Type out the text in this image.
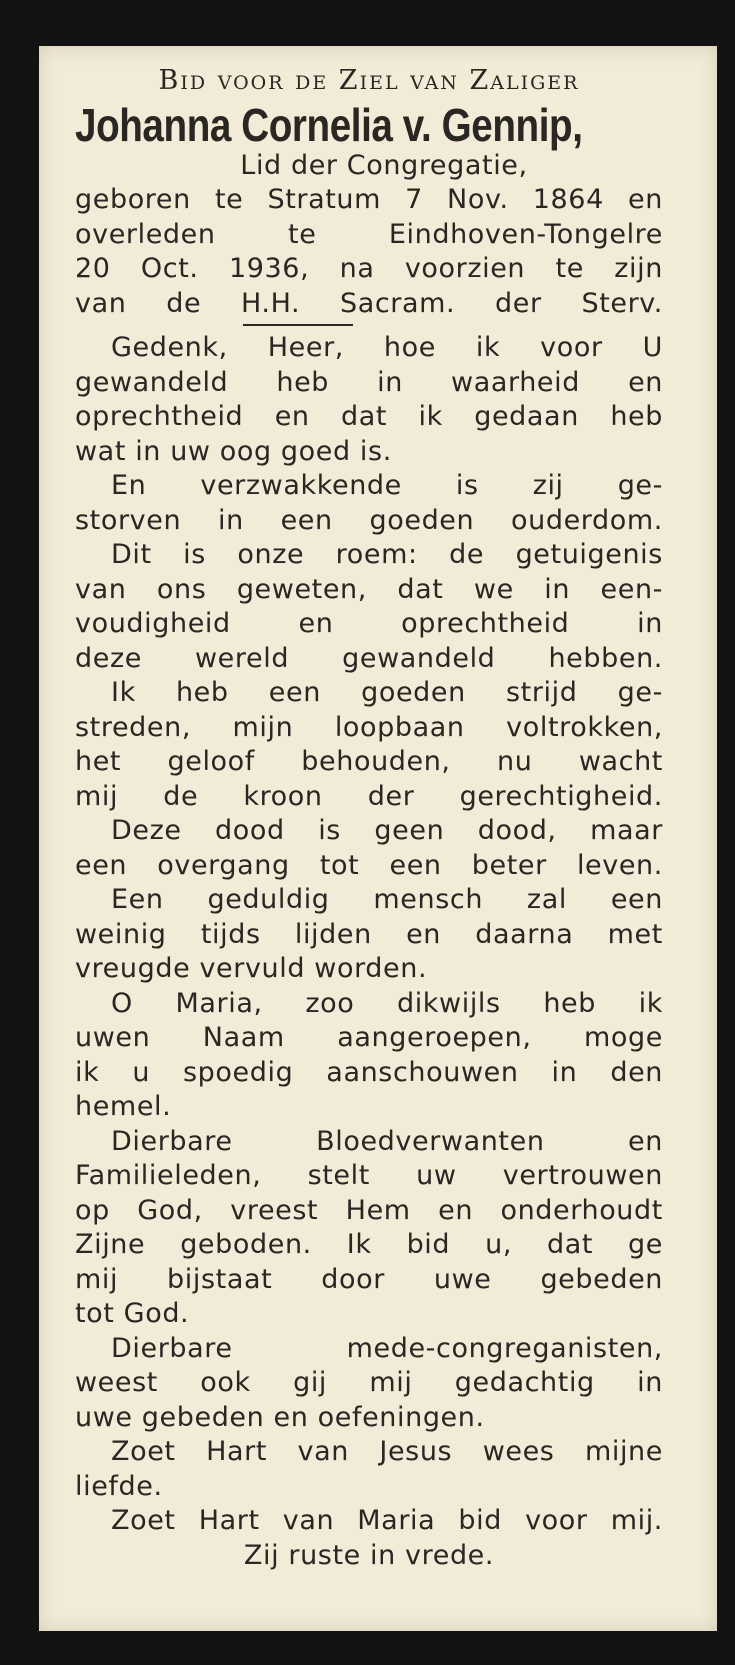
Bid voor de Ziel van Zaliger
Johanna Cornelia v. Gennip,
Lid der Congregatie,
geboren te Stratum 7 Nov. 1864 en
overleden	te	Eindhoven-Tongelre
20 Oct. 1936, na voorzien te zijn
van de H.H. Sacram. der Sterv.
Gedenk, Heer, hoe ik voor U
gewandeld heb in waarheid en
oprechtheid en dat ik gedaan heb
wat in uw oog goed is.
En verzwakkende is zij ge-
storven in een goeden ouderdom.
Dit is onze roem: de getuigenis
van ons geweten, dat we in een-
voudigheid	en	oprechtheid	in
deze wereld gewandeld hebben.
Ik heb een goeden strijd ge-
streden, mijn loopbaan voltrokken,
het geloof behouden, nu wacht
mij de kroon der gerechtigheid.
Deze dood is geen dood, maar
een overgang tot een beter leven.
Een geduldig mensch zal een
weinig tijds lijden en daarna met
vreugde vervuld worden.
O Maria, zoo dikwijls heb ik
uwen Naam aangeroepen, moge
ik u spoedig aanschouwen in den
hemel.
Dierbare	Bloedverwanten	en
Familieleden, stelt uw vertrouwen
op God, vreest Hem en onderhoudt
Zijne geboden. Ik bid u, dat ge
mij bijstaat door uwe gebeden
tot God.
Dierbare	mede-congreganisten,
weest ook gij mij gedachtig in
uwe gebeden en oefeningen.
Zoet Hart van Jesus wees mijne
liefde.
Zoet Hart van Maria bid voor mij.
Zij ruste in vrede.
